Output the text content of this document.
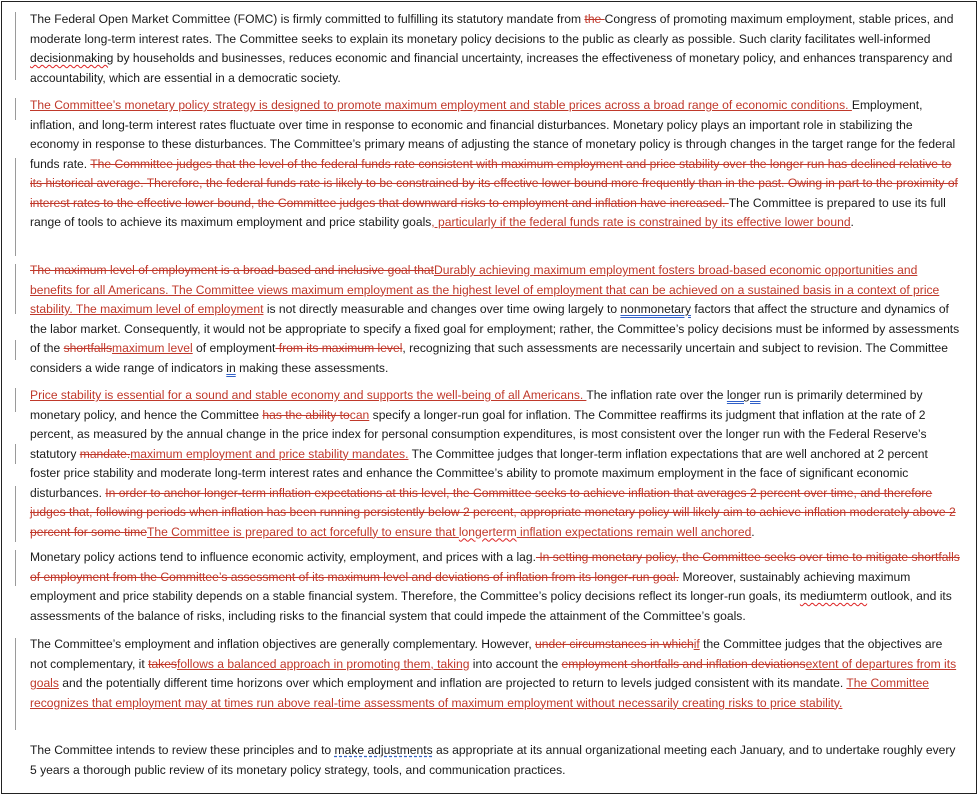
The Federal Open Market Committee (FOMC) is firmly committed to fulfilling its statutory mandate from the Congress of promoting maximum employment, stable prices, and moderate long-term interest rates. The Committee seeks to explain its monetary policy decisions to the public as clearly as possible. Such clarity facilitates well-informed decisionmaking by households and businesses, reduces economic and financial uncertainty, increases the effectiveness of monetary policy, and enhances transparency and accountability, which are essential in a democratic society.
The Committee’s monetary policy strategy is designed to promote maximum employment and stable prices across a broad range of economic conditions. Employment, inflation, and long-term interest rates fluctuate over time in response to economic and financial disturbances. Monetary policy plays an important role in stabilizing the economy in response to these disturbances. The Committee’s primary means of adjusting the stance of monetary policy is through changes in the target range for the federal funds rate. The Committee judges that the level of the federal funds rate consistent with maximum employment and price stability over the longer run has declined relative to its historical average. Therefore, the federal funds rate is likely to be constrained by its effective lower bound more frequently than in the past. Owing in part to the proximity of interest rates to the effective lower bound, the Committee judges that downward risks to employment and inflation have increased. The Committee is prepared to use its full range of tools to achieve its maximum employment and price stability goals, particularly if the federal funds rate is constrained by its effective lower bound.
The maximum level of employment is a broad-based and inclusive goal thatDurably achieving maximum employment fosters broad-based economic opportunities and benefits for all Americans. The Committee views maximum employment as the highest level of employment that can be achieved on a sustained basis in a context of price stability. The maximum level of employment is not directly measurable and changes over time owing largely to nonmonetary factors that affect the structure and dynamics of the labor market. Consequently, it would not be appropriate to specify a fixed goal for employment; rather, the Committee’s policy decisions must be informed by assessments of the shortfallsmaximum level of employment from its maximum level, recognizing that such assessments are necessarily uncertain and subject to revision. The Committee considers a wide range of indicators in making these assessments.
Price stability is essential for a sound and stable economy and supports the well-being of all Americans. The inflation rate over the longer run is primarily determined by monetary policy, and hence the Committee has the ability tocan specify a longer-run goal for inflation. The Committee reaffirms its judgment that inflation at the rate of 2 percent, as measured by the annual change in the price index for personal consumption expenditures, is most consistent over the longer run with the Federal Reserve’s statutory mandate.maximum employment and price stability mandates. The Committee judges that longer-term inflation expectations that are well anchored at 2 percent foster price stability and moderate long-term interest rates and enhance the Committee’s ability to promote maximum employment in the face of significant economic disturbances. In order to anchor longer-term inflation expectations at this level, the Committee seeks to achieve inflation that averages 2 percent over time, and therefore judges that, following periods when inflation has been running persistently below 2 percent, appropriate monetary policy will likely aim to achieve inflation moderately above 2 percent for some timeThe Committee is prepared to act forcefully to ensure that longerterm inflation expectations remain well anchored.
Monetary policy actions tend to influence economic activity, employment, and prices with a lag. In setting monetary policy, the Committee seeks over time to mitigate shortfalls of employment from the Committee’s assessment of its maximum level and deviations of inflation from its longer-run goal. Moreover, sustainably achieving maximum employment and price stability depends on a stable financial system. Therefore, the Committee’s policy decisions reflect its longer-run goals, its mediumterm outlook, and its assessments of the balance of risks, including risks to the financial system that could impede the attainment of the Committee’s goals.
The Committee’s employment and inflation objectives are generally complementary. However, under circumstances in whichif the Committee judges that the objectives are not complementary, it takesfollows a balanced approach in promoting them, taking into account the employment shortfalls and inflation deviationsextent of departures from its goals and the potentially different time horizons over which employment and inflation are projected to return to levels judged consistent with its mandate. The Committee recognizes that employment may at times run above real-time assessments of maximum employment without necessarily creating risks to price stability.
The Committee intends to review these principles and to make adjustments as appropriate at its annual organizational meeting each January, and to undertake roughly every 5 years a thorough public review of its monetary policy strategy, tools, and communication practices.
